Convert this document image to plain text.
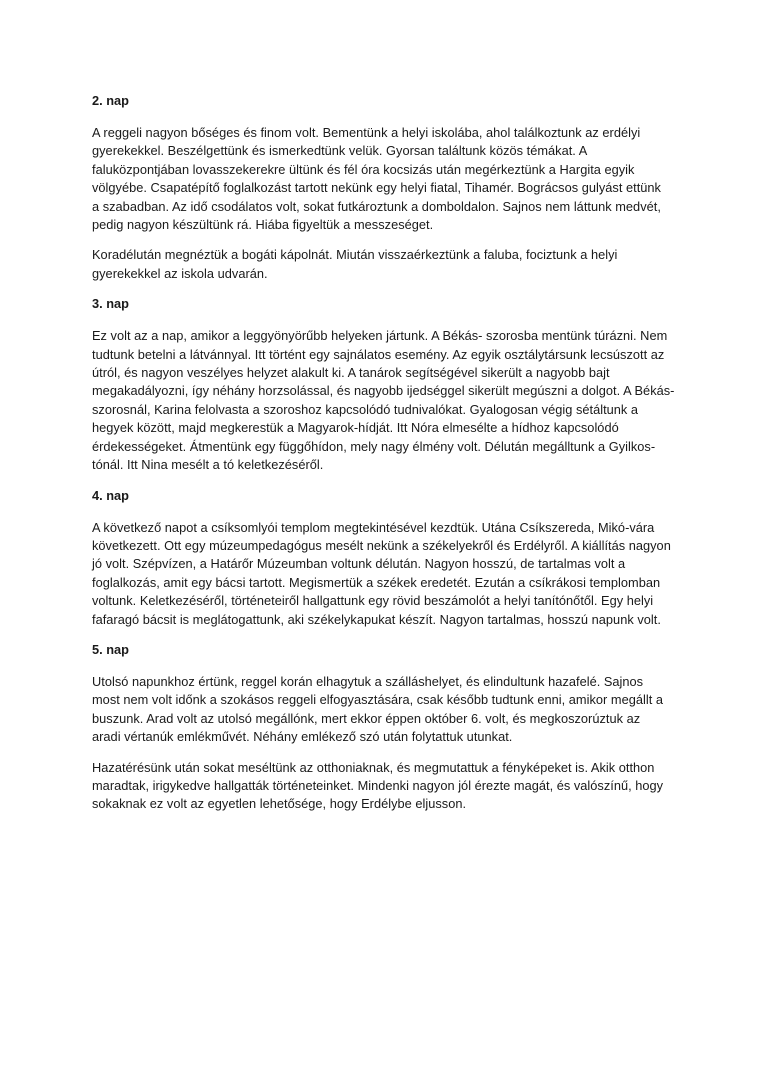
2. nap

A reggeli nagyon bőséges és finom volt. Bementünk a helyi iskolába, ahol találkoztunk az erdélyi
gyerekekkel. Beszélgettünk és ismerkedtünk velük. Gyorsan találtunk közös témákat. A
faluközpontjában lovasszekerekre ültünk és fél óra kocsizás után megérkeztünk a Hargita egyik
völgyébe. Csapatépítő foglalkozást tartott nekünk egy helyi fiatal, Tihamér. Bográcsos gulyást ettünk
a szabadban. Az idő csodálatos volt, sokat futkároztunk a domboldalon. Sajnos nem láttunk medvét,
pedig nagyon készültünk rá. Hiába figyeltük a messzeséget.

Koradélután megnéztük a bogáti kápolnát. Miután visszaérkeztünk a faluba, fociztunk a helyi
gyerekekkel az iskola udvarán.

3. nap

Ez volt az a nap, amikor a leggyönyörűbb helyeken jártunk. A Békás- szorosba mentünk túrázni. Nem
tudtunk betelni a látvánnyal. Itt történt egy sajnálatos esemény. Az egyik osztálytársunk lecsúszott az
útról, és nagyon veszélyes helyzet alakult ki. A tanárok segítségével sikerült a nagyobb bajt
megakadályozni, így néhány horzsolással, és nagyobb ijedséggel sikerült megúszni a dolgot. A Békás-
szorosnál, Karina felolvasta a szoroshoz kapcsolódó tudnivalókat. Gyalogosan végig sétáltunk a
hegyek között, majd megkerestük a Magyarok-hídját. Itt Nóra elmesélte a hídhoz kapcsolódó
érdekességeket. Átmentünk egy függőhídon, mely nagy élmény volt. Délután megálltunk a Gyilkos-
tónál. Itt Nina mesélt a tó keletkezéséről.

4. nap

A következő napot a csíksomlyói templom megtekintésével kezdtük. Utána Csíkszereda, Mikó-vára
következett. Ott egy múzeumpedagógus mesélt nekünk a székelyekről és Erdélyről. A kiállítás nagyon
jó volt. Szépvízen, a Határőr Múzeumban voltunk délután. Nagyon hosszú, de tartalmas volt a
foglalkozás, amit egy bácsi tartott. Megismertük a székek eredetét. Ezután a csíkrákosi templomban
voltunk. Keletkezéséről, történeteiről hallgattunk egy rövid beszámolót a helyi tanítónőtől. Egy helyi
fafaragó bácsit is meglátogattunk, aki székelykapukat készít. Nagyon tartalmas, hosszú napunk volt.

5. nap

Utolsó napunkhoz értünk, reggel korán elhagytuk a szálláshelyet, és elindultunk hazafelé. Sajnos
most nem volt időnk a szokásos reggeli elfogyasztására, csak később tudtunk enni, amikor megállt a
buszunk. Arad volt az utolsó megállónk, mert ekkor éppen október 6. volt, és megkoszorúztuk az
aradi vértanúk emlékművét. Néhány emlékező szó után folytattuk utunkat.

Hazatérésünk után sokat meséltünk az otthoniaknak, és megmutattuk a fényképeket is. Akik otthon
maradtak, irigykedve hallgatták történeteinket. Mindenki nagyon jól érezte magát, és valószínű, hogy
sokaknak ez volt az egyetlen lehetősége, hogy Erdélybe eljusson.
